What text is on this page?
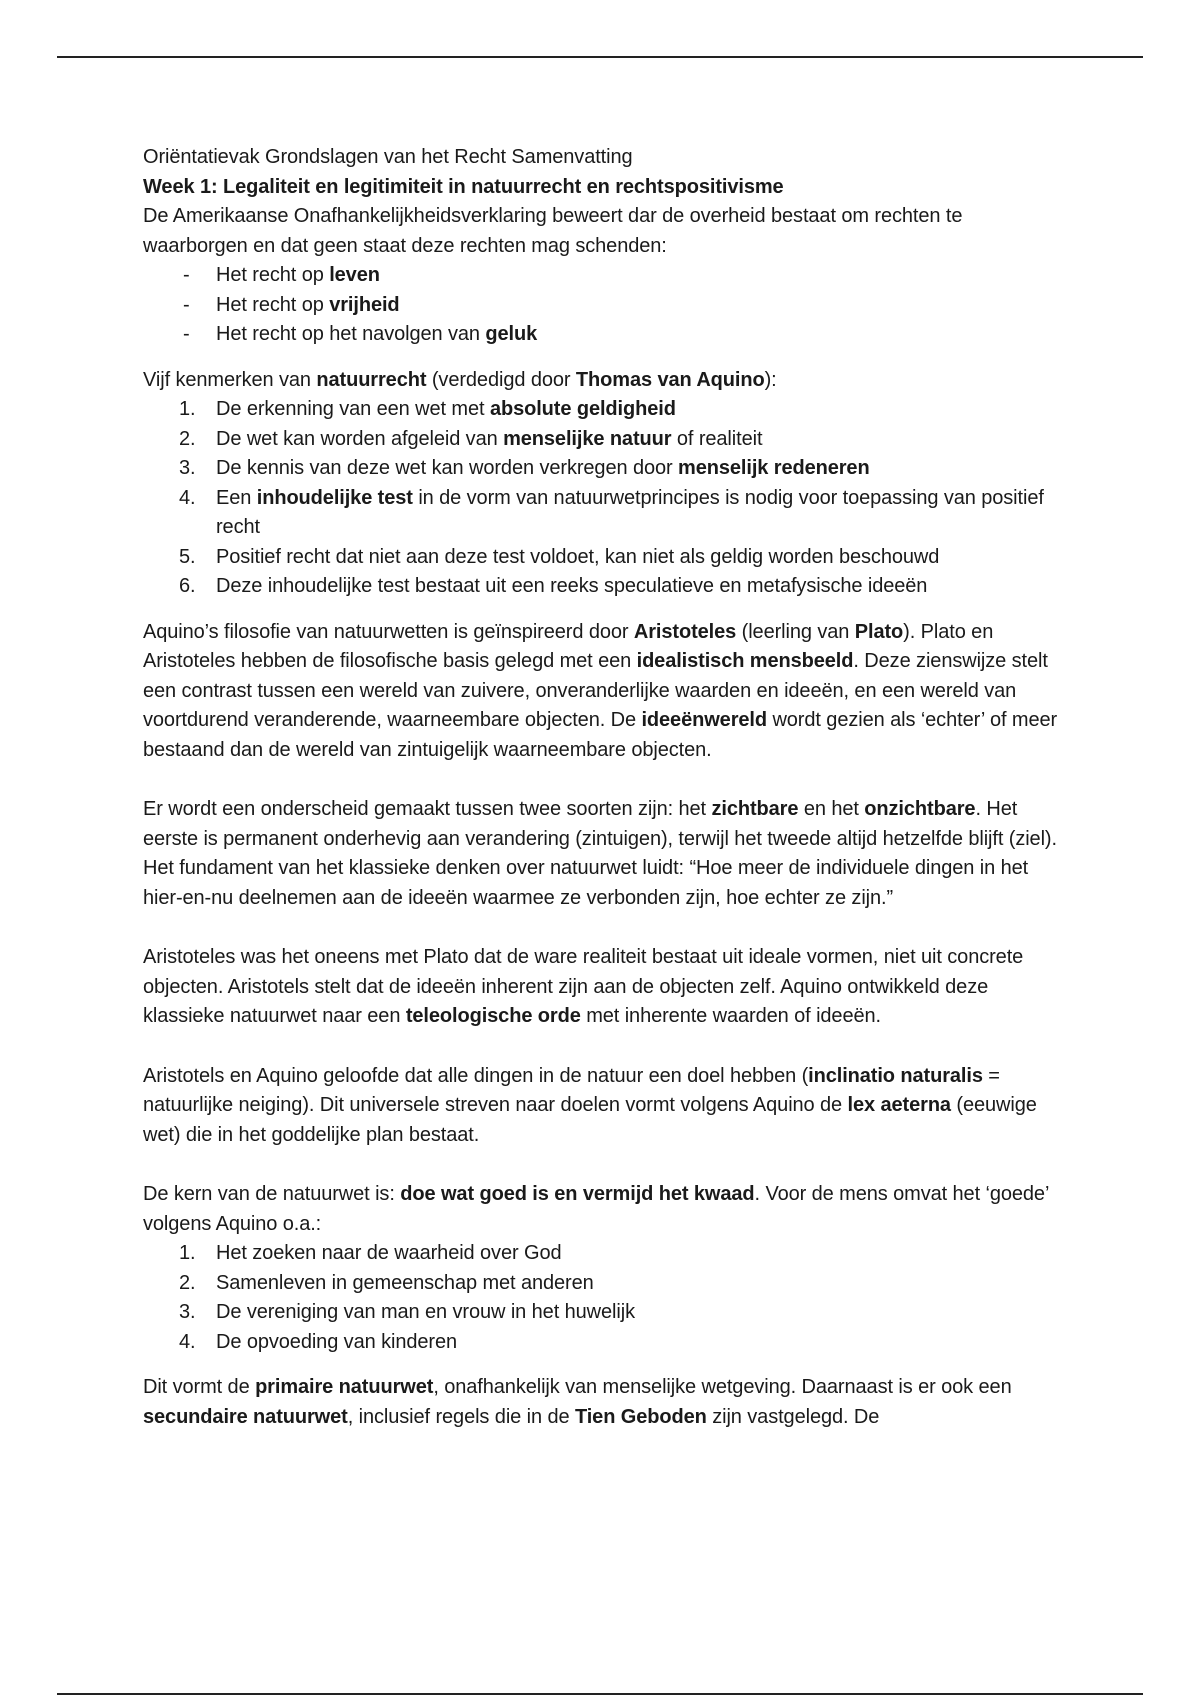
Oriëntatievak Grondslagen van het Recht Samenvatting

Week 1: Legaliteit en legitimiteit in natuurrecht en rechtspositivisme

De Amerikaanse Onafhankelijkheidsverklaring beweert dar de overheid bestaat om rechten te waarborgen en dat geen staat deze rechten mag schenden:

- Het recht op leven
- Het recht op vrijheid
- Het recht op het navolgen van geluk

Vijf kenmerken van natuurrecht (verdedigd door Thomas van Aquino):

1.	De erkenning van een wet met absolute geldigheid
2.	De wet kan worden afgeleid van menselijke natuur of realiteit
3.	De kennis van deze wet kan worden verkregen door menselijk redeneren
4.	Een inhoudelijke test in de vorm van natuurwetprincipes is nodig voor toepassing van positief recht
5.	Positief recht dat niet aan deze test voldoet, kan niet als geldig worden beschouwd
6.	Deze inhoudelijke test bestaat uit een reeks speculatieve en metafysische ideeën

Aquino’s filosofie van natuurwetten is geïnspireerd door Aristoteles (leerling van Plato). Plato en Aristoteles hebben de filosofische basis gelegd met een idealistisch mensbeeld. Deze zienswijze stelt een contrast tussen een wereld van zuivere, onveranderlijke waarden en ideeën, en een wereld van voortdurend veranderende, waarneembare objecten. De ideeënwereld wordt gezien als ‘echter’ of meer bestaand dan de wereld van zintuigelijk waarneembare objecten.

Er wordt een onderscheid gemaakt tussen twee soorten zijn: het zichtbare en het onzichtbare. Het eerste is permanent onderhevig aan verandering (zintuigen), terwijl het tweede altijd hetzelfde blijft (ziel).

Het fundament van het klassieke denken over natuurwet luidt: “Hoe meer de individuele dingen in het hier-en-nu deelnemen aan de ideeën waarmee ze verbonden zijn, hoe echter ze zijn.”

Aristoteles was het oneens met Plato dat de ware realiteit bestaat uit ideale vormen, niet uit concrete objecten. Aristotels stelt dat de ideeën inherent zijn aan de objecten zelf. Aquino ontwikkeld deze klassieke natuurwet naar een teleologische orde met inherente waarden of ideeën.

Aristotels en Aquino geloofde dat alle dingen in de natuur een doel hebben (inclinatio naturalis = natuurlijke neiging). Dit universele streven naar doelen vormt volgens Aquino de lex aeterna (eeuwige wet) die in het goddelijke plan bestaat.

De kern van de natuurwet is: doe wat goed is en vermijd het kwaad. Voor de mens omvat het ‘goede’ volgens Aquino o.a.:

1.	Het zoeken naar de waarheid over God
2.	Samenleven in gemeenschap met anderen
3.	De vereniging van man en vrouw in het huwelijk
4.	De opvoeding van kinderen

Dit vormt de primaire natuurwet, onafhankelijk van menselijke wetgeving. Daarnaast is er ook een secundaire natuurwet, inclusief regels die in de Tien Geboden zijn vastgelegd. De
